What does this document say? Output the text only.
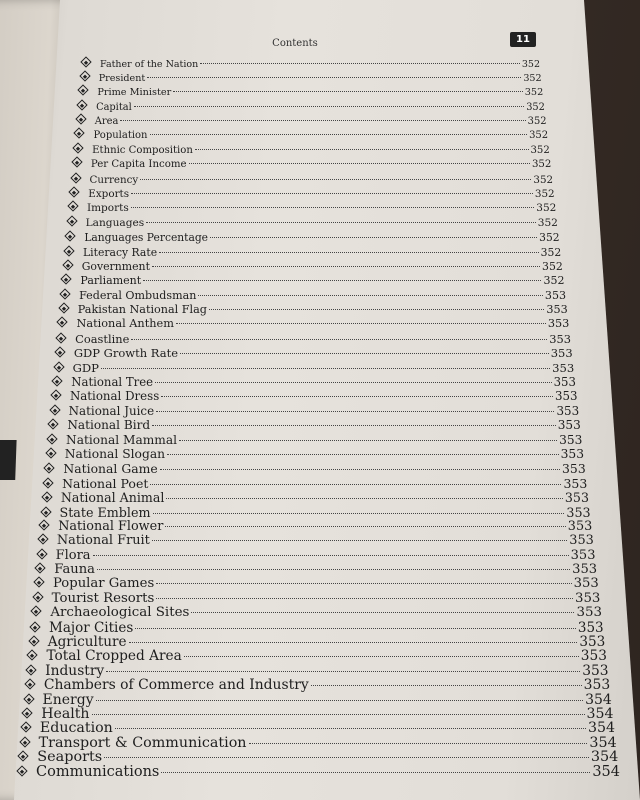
Contents	11
Father of the Nation	352
President	352
Prime Minister	352
Capital	352
Area	352
Population	352
Ethnic Composition	352
Per Capita Income	352
Currency	352
Exports	352
Imports	352
Languages	352
Languages Percentage	352
Literacy Rate	352
Government	352
Parliament	352
Federal Ombudsman	353
Pakistan National Flag	353
National Anthem	353
Coastline	353
GDP Growth Rate	353
GDP	353
National Tree	353
National Dress	353
National Juice	353
National Bird	353
National Mammal	353
National Slogan	353
National Game	353
National Poet	353
National Animal	353
State Emblem	353
National Flower	353
National Fruit	353
Flora	353
Fauna	353
Popular Games	353
Tourist Resorts	353
Archaeological Sites	353
Major Cities	353
Agriculture	353
Total Cropped Area	353
Industry	353
Chambers of Commerce and Industry	353
Energy	354
Health	354
Education	354
Transport & Communication	354
Seaports	354
Communications	354
